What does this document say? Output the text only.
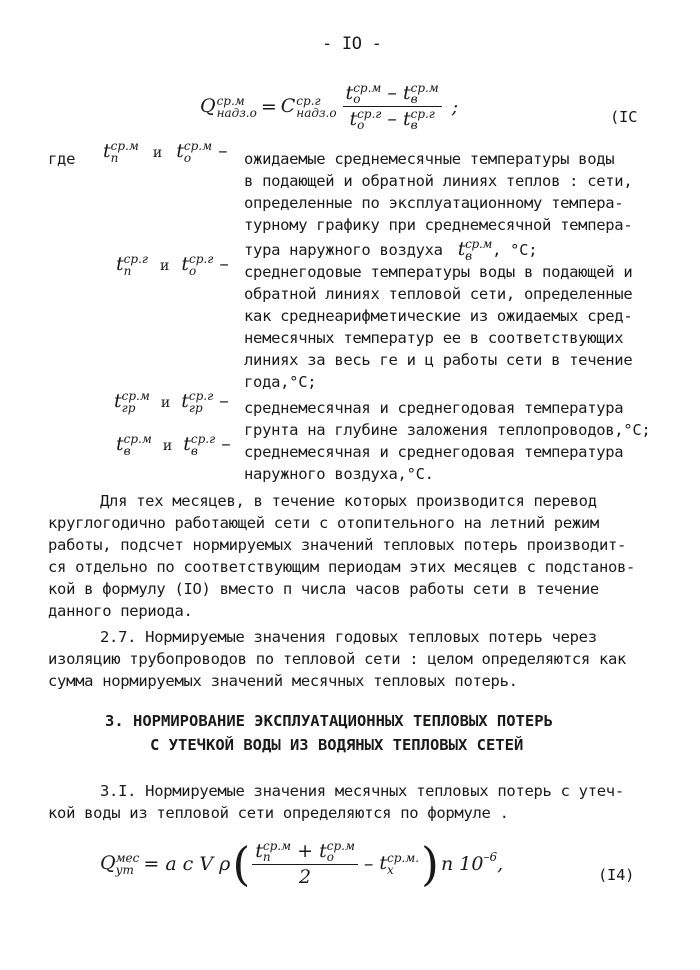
- IO -
Q ср.м
надз.о = С ср.г
надз.о t ср.м
о	– t ср.м
в
t ср.г
о	– t ср.г
в ;	(IC
где t ср.м
п	и t ср.м
о	– ожидаемые среднемесячные температуры воды
в подающей и обратной линиях теплов : сети,
определенные по эксплуатационному темпера-
турному графику при среднемесячной темпера-
тура наружного воздуха t ср.м
в	, °С;
t ср.г
п	и t ср.г
о	– среднегодовые температуры воды в подающей и
обратной линиях тепловой сети, определенные
как среднеарифметические из ожидаемых сред-
немесячных температур ее в соответствующих
линиях за весь ге и ц работы сети в течение
года,°С;
t ср.м
гр	и t ср.г
гр – среднемесячная и среднегодовая температура
грунта на глубине заложения теплопроводов,°С;
t ср.м
в	и t ср.г
в	– среднемесячная и среднегодовая температура
наружного воздуха,°С.
Для тех месяцев, в течение которых производится перевод
круглогодично работающей сети с отопительного на летний режим
работы, подсчет нормируемых значений тепловых потерь производит-
ся отдельно по соответствующим периодам этих месяцев с подстанов-
кой в формулу (IO) вместо п числа часов работы сети в течение
данного периода.
2.7. Нормируемые значения годовых тепловых потерь через
изоляцию трубопроводов по тепловой сети : целом определяются как
сумма нормируемых значений месячных тепловых потерь.
3. НОРМИРОВАНИЕ ЭКСПЛУАТАЦИОННЫХ ТЕПЛОВЫХ ПОТЕРЬ
С УТЕЧКОЙ ВОДЫ ИЗ ВОДЯНЫХ ТЕПЛОВЫХ СЕТЕЙ
3.I. Нормируемые значения месячных тепловых потерь с утеч-
кой воды из тепловой сети определяются по формуле .
Q мес
ут = а с V ρ ( t ср.м
п	+ t ср.м
о
2 – t ср.м.
х ) п $10^{-6}$ ,	(I4)
